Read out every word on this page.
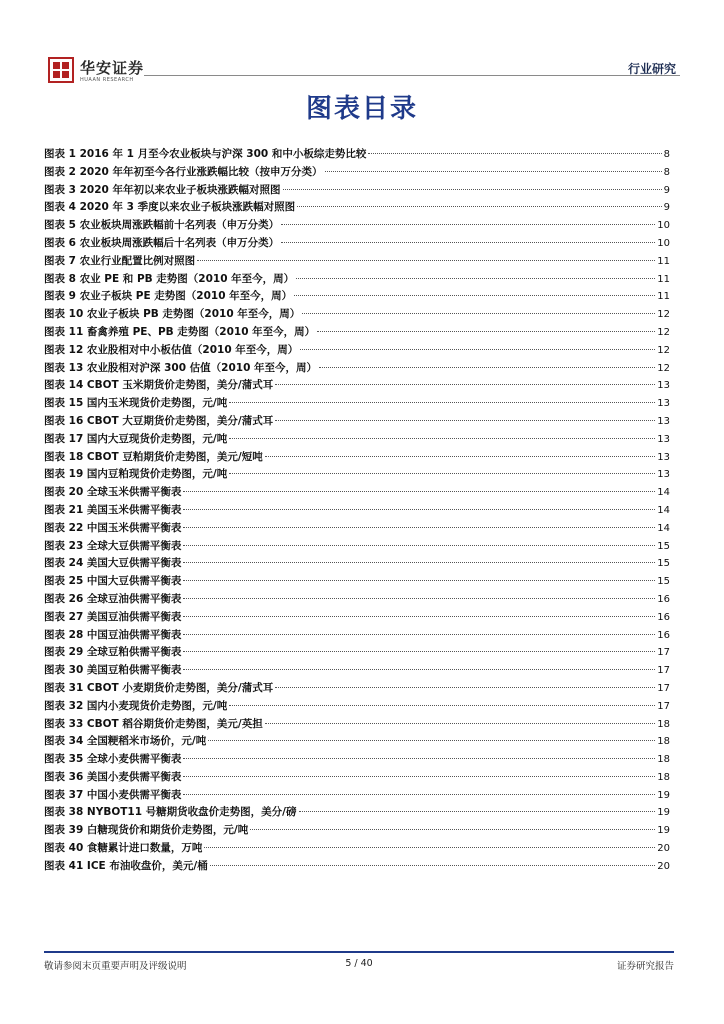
华安证券
HUAAN RESEARCH
行业研究
图表目录
图表 1 2016 年 1 月至今农业板块与沪深 300 和中小板综走势比较	8
图表 2 2020 年年初至今各行业涨跌幅比较（按申万分类）	8
图表 3 2020 年年初以来农业子板块涨跌幅对照图	9
图表 4 2020 年 3 季度以来农业子板块涨跌幅对照图	9
图表 5 农业板块周涨跌幅前十名列表（申万分类）	10
图表 6 农业板块周涨跌幅后十名列表（申万分类）	10
图表 7 农业行业配置比例对照图	11
图表 8 农业 PE 和 PB 走势图（2010 年至今，周）	11
图表 9 农业子板块 PE 走势图（2010 年至今，周）	11
图表 10 农业子板块 PB 走势图（2010 年至今，周）	12
图表 11 畜禽养殖 PE、PB 走势图（2010 年至今，周）	12
图表 12 农业股相对中小板估值（2010 年至今，周）	12
图表 13 农业股相对沪深 300 估值（2010 年至今，周）	12
图表 14 CBOT 玉米期货价走势图，美分/蒲式耳	13
图表 15 国内玉米现货价走势图，元/吨	13
图表 16 CBOT 大豆期货价走势图，美分/蒲式耳	13
图表 17 国内大豆现货价走势图，元/吨	13
图表 18 CBOT 豆粕期货价走势图，美元/短吨	13
图表 19 国内豆粕现货价走势图，元/吨	13
图表 20 全球玉米供需平衡表	14
图表 21 美国玉米供需平衡表	14
图表 22 中国玉米供需平衡表	14
图表 23 全球大豆供需平衡表	15
图表 24 美国大豆供需平衡表	15
图表 25 中国大豆供需平衡表	15
图表 26 全球豆油供需平衡表	16
图表 27 美国豆油供需平衡表	16
图表 28 中国豆油供需平衡表	16
图表 29 全球豆粕供需平衡表	17
图表 30 美国豆粕供需平衡表	17
图表 31 CBOT 小麦期货价走势图，美分/蒲式耳	17
图表 32 国内小麦现货价走势图，元/吨	17
图表 33 CBOT 稻谷期货价走势图，美元/英担	18
图表 34 全国粳稻米市场价，元/吨	18
图表 35 全球小麦供需平衡表	18
图表 36 美国小麦供需平衡表	18
图表 37 中国小麦供需平衡表	19
图表 38 NYBOT11 号糖期货收盘价走势图，美分/磅	19
图表 39 白糖现货价和期货价走势图，元/吨	19
图表 40 食糖累计进口数量，万吨	20
图表 41 ICE 布油收盘价，美元/桶	20
敬请参阅末页重要声明及评级说明	5 / 40	证券研究报告
